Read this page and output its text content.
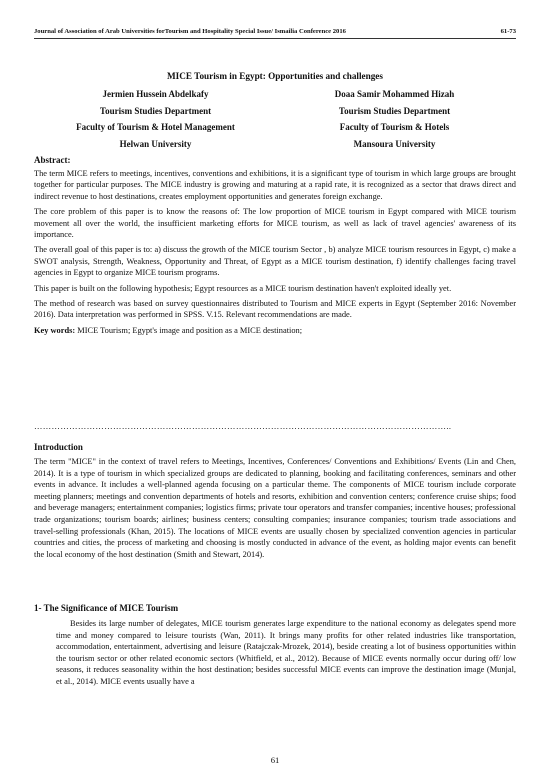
Journal of Association of Arab Universities forTourism and Hospitality Special Issue/ Ismailia Conference 2016	61-73
MICE Tourism in Egypt: Opportunities and challenges
Jermien Hussein Abdelkafy	Doaa Samir Mohammed Hizah
Tourism Studies Department	Tourism Studies Department
Faculty of Tourism & Hotel Management	Faculty of Tourism & Hotels
Helwan University	Mansoura University
Abstract:

The term MICE refers to meetings, incentives, conventions and exhibitions, it is a significant type of tourism in which large groups are brought together for particular purposes. The MICE industry is growing and maturing at a rapid rate, it is recognized as a sector that draws direct and indirect revenue to host destinations, creates employment opportunities and generates foreign exchange.

The core problem of this paper is to know the reasons of: The low proportion of MICE tourism in Egypt compared with MICE tourism movement all over the world, the insufficient marketing efforts for MICE tourism, as well as lack of travel agencies' awareness of its importance.

The overall goal of this paper is to: a) discuss the growth of the MICE tourism Sector , b) analyze MICE tourism resources in Egypt, c) make a SWOT analysis, Strength, Weakness, Opportunity and Threat, of Egypt as a MICE tourism destination, f) identify challenges facing travel agencies in Egypt to organize MICE tourism programs.

This paper is built on the following hypothesis; Egypt resources as a MICE tourism destination haven't exploited ideally yet.

The method of research was based on survey questionnaires distributed to Tourism and MICE experts in Egypt (September 2016: November 2016). Data interpretation was performed in SPSS. V.15. Relevant recommendations are made.

Key words: MICE Tourism; Egypt's image and position as a MICE destination;

……………………………………………………………………………………………………………………………..
Introduction
The term "MICE" in the context of travel refers to Meetings, Incentives, Conferences/ Conventions and Exhibitions/ Events (Lin and Chen, 2014). It is a type of tourism in which specialized groups are dedicated to planning, booking and facilitating conferences, seminars and other events in advance. It includes a well-planned agenda focusing on a particular theme. The components of MICE tourism include corporate meeting planners; meetings and convention departments of hotels and resorts, exhibition and convention centers; conference cruise ships; food and beverage managers; entertainment companies; logistics firms; private tour operators and transfer companies; incentive houses; professional trade organizations; tourism boards; airlines; business centers; consulting companies; insurance companies; tourism trade associations and travel-selling professionals (Khan, 2015). The locations of MICE events are usually chosen by specialized convention agencies in particular countries and cities, the process of marketing and choosing is mostly conducted in advance of the event, as holding major events can benefit the local economy of the host destination (Smith and Stewart, 2014).
1- The Significance of MICE Tourism
Besides its large number of delegates, MICE tourism generates large expenditure to the national economy as delegates spend more time and money compared to leisure tourists (Wan, 2011). It brings many profits for other related industries like transportation, accommodation, entertainment, advertising and leisure (Ratajczak-Mrozek, 2014), beside creating a lot of business opportunities within the tourism sector or other related economic sectors (Whitfield, et al., 2012). Because of MICE events normally occur during off/ low seasons, it reduces seasonality within the host destination; besides successful MICE events can improve the destination image (Munjal, et al., 2014). MICE events usually have a
61
